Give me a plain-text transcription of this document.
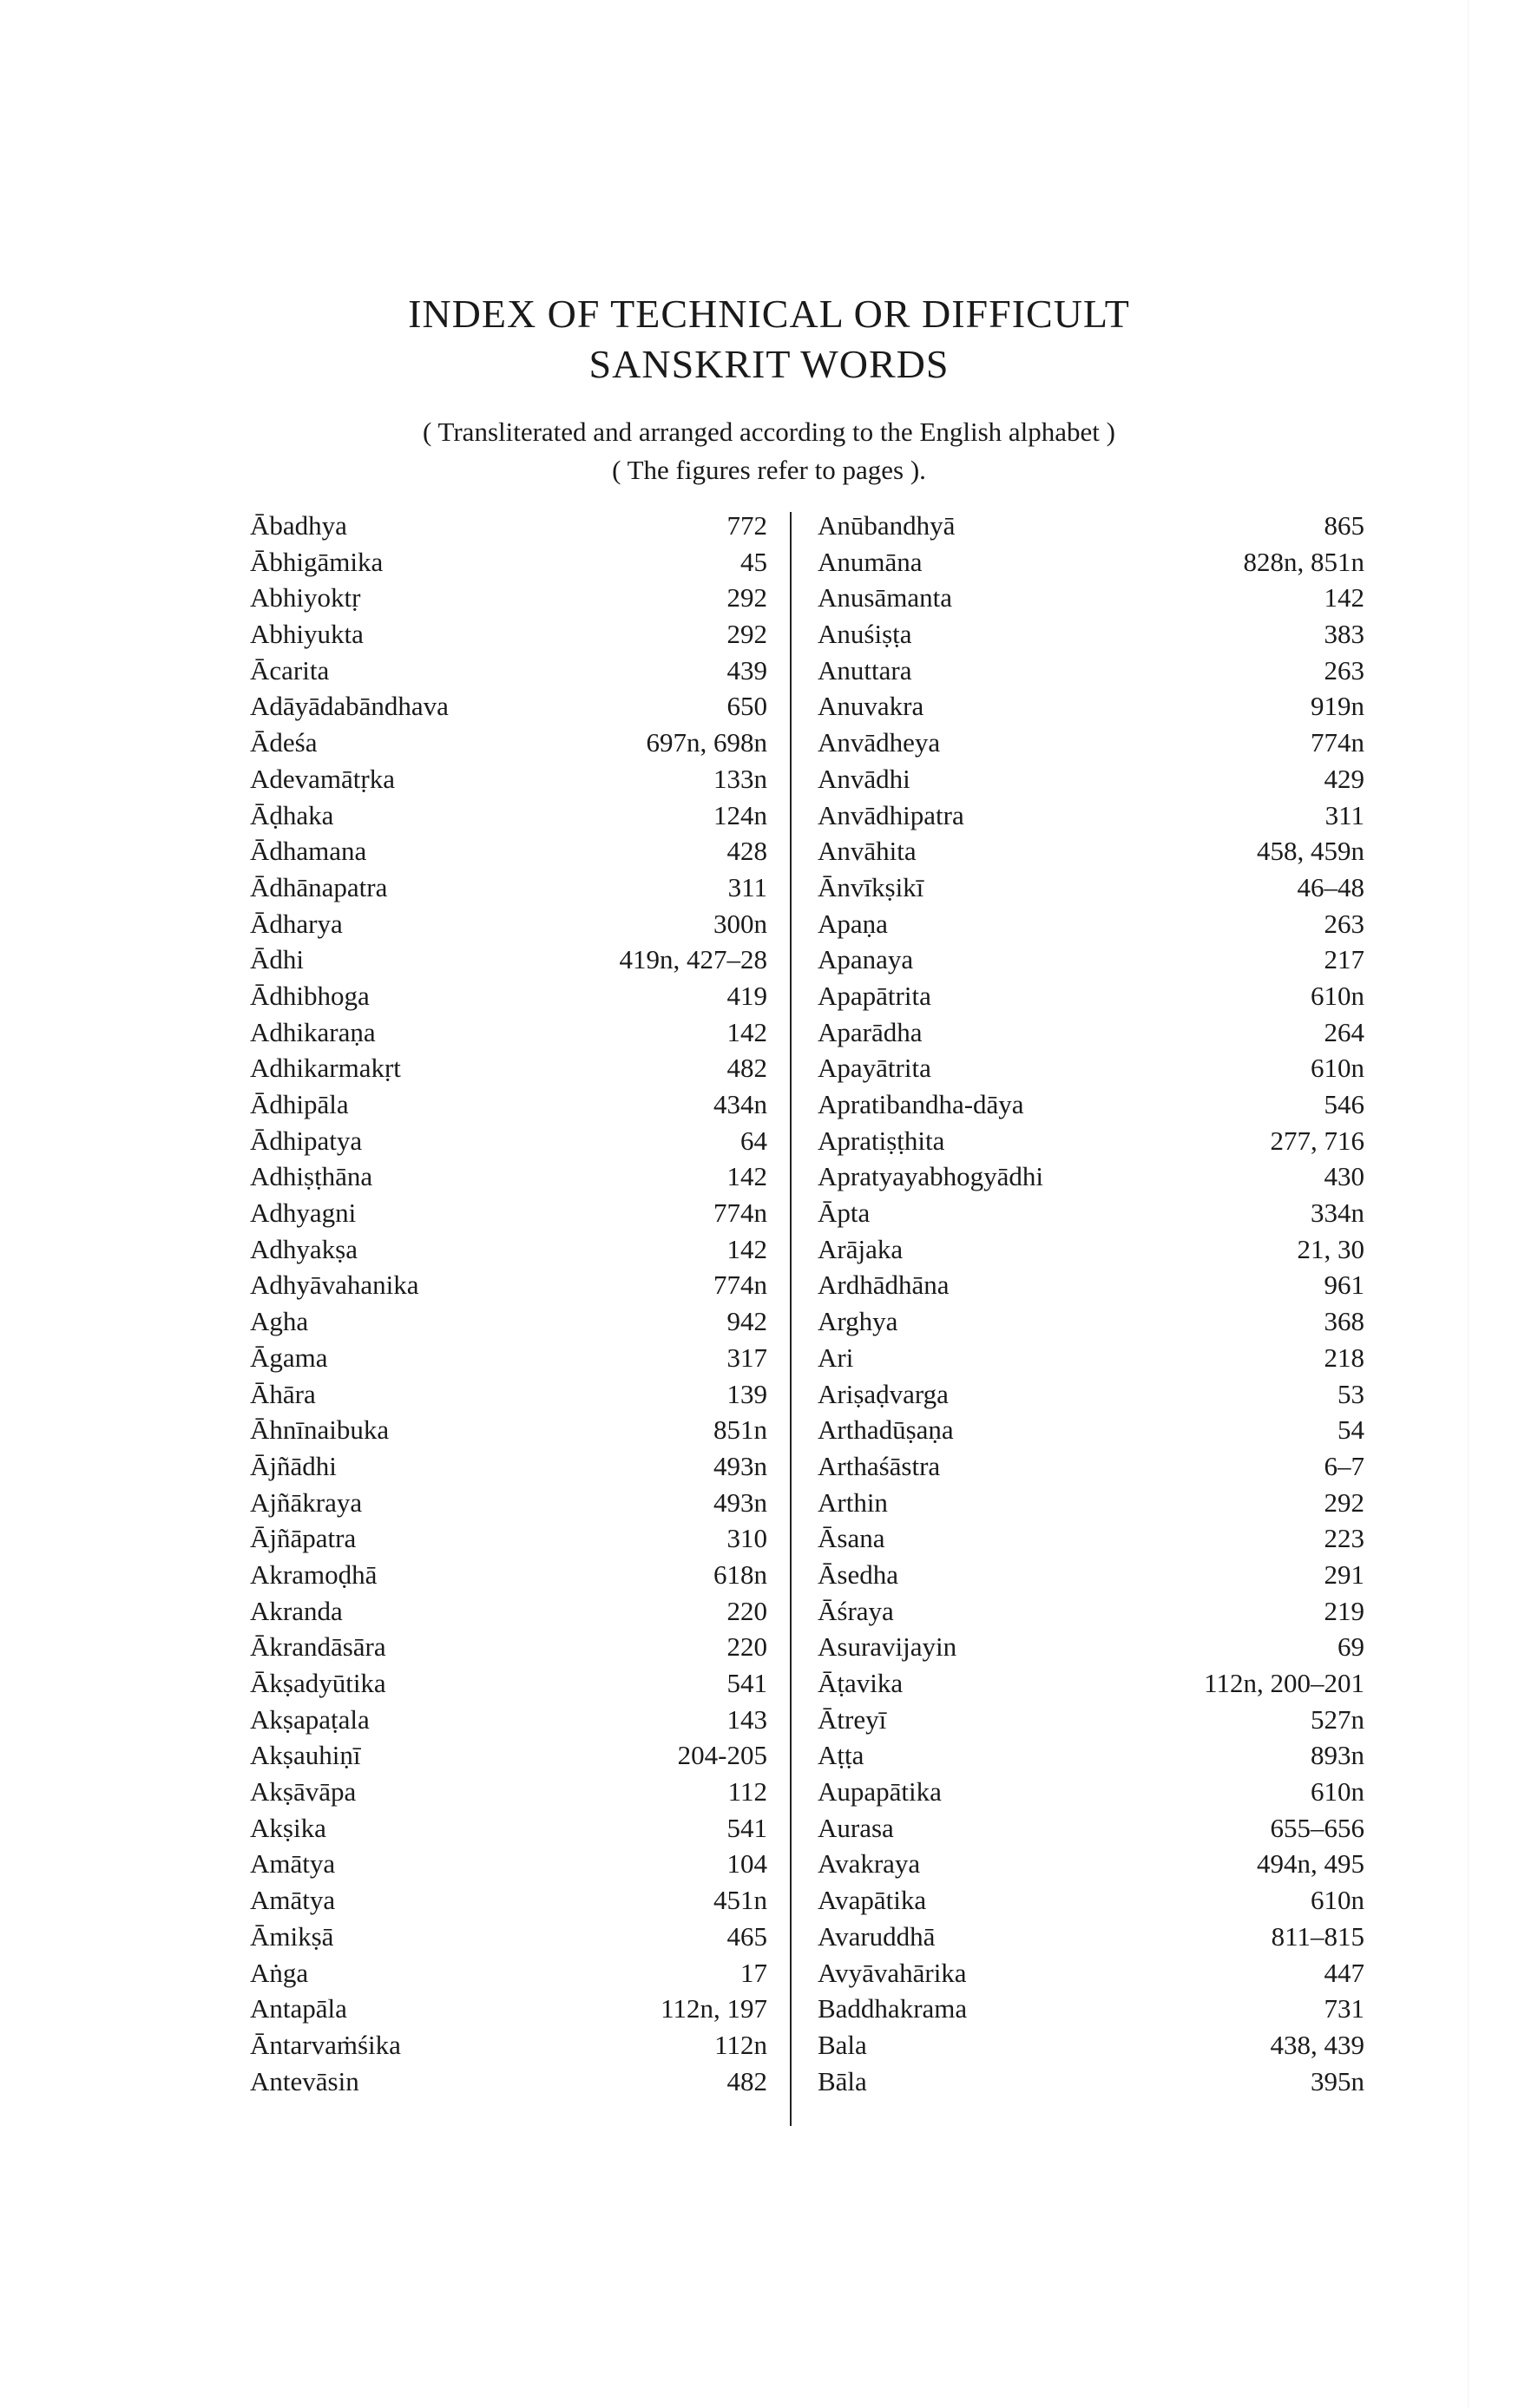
INDEX OF TECHNICAL OR DIFFICULT
SANSKRIT WORDS
( Transliterated and arranged according to the English alphabet )
( The figures refer to pages ).
Ābadhya	772
Ābhigāmika	45
Abhiyoktṛ	292
Abhiyukta	292
Ācarita	439
Adāyādabāndhava	650
Ādeśa	697n, 698n
Adevamātṛka	133n
Āḍhaka	124n
Ādhamana	428
Ādhānapatra	311
Ādharya	300n
Ādhi	419n, 427–28
Ādhibhoga	419
Adhikaraṇa	142
Adhikarmakṛt	482
Ādhipāla	434n
Ādhipatya	64
Adhiṣṭhāna	142
Adhyagni	774n
Adhyakṣa	142
Adhyāvahanika	774n
Agha	942
Āgama	317
Āhāra	139
Āhnīnaibuka	851n
Ājñādhi	493n
Ajñākraya	493n
Ājñāpatra	310
Akramoḍhā	618n
Akranda	220
Ākrandāsāra	220
Ākṣadyūtika	541
Akṣapaṭala	143
Akṣauhiṇī	204-205
Akṣāvāpa	112
Akṣika	541
Amātya	104
Amātya	451n
Āmikṣā	465
Aṅga	17
Antapāla	112n, 197
Āntarvaṁśika	112n
Antevāsin	482
Anūbandhyā	865
Anumāna	828n, 851n
Anusāmanta	142
Anuśiṣṭa	383
Anuttara	263
Anuvakra	919n
Anvādheya	774n
Anvādhi	429
Anvādhipatra	311
Anvāhita	458, 459n
Ānvīkṣikī	46–48
Apaṇa	263
Apanaya	217
Apapātrita	610n
Aparādha	264
Apayātrita	610n
Apratibandha-dāya	546
Apratiṣṭhita	277, 716
Apratyayabhogyādhi	430
Āpta	334n
Arājaka	21, 30
Ardhādhāna	961
Arghya	368
Ari	218
Ariṣaḍvarga	53
Arthadūṣaṇa	54
Arthaśāstra	6–7
Arthin	292
Āsana	223
Āsedha	291
Āśraya	219
Asuravijayin	69
Āṭavika	112n, 200–201
Ātreyī	527n
Aṭṭa	893n
Aupapātika	610n
Aurasa	655–656
Avakraya	494n, 495
Avapātika	610n
Avaruddhā	811–815
Avyāvahārika	447
Baddhakrama	731
Bala	438, 439
Bāla	395n
